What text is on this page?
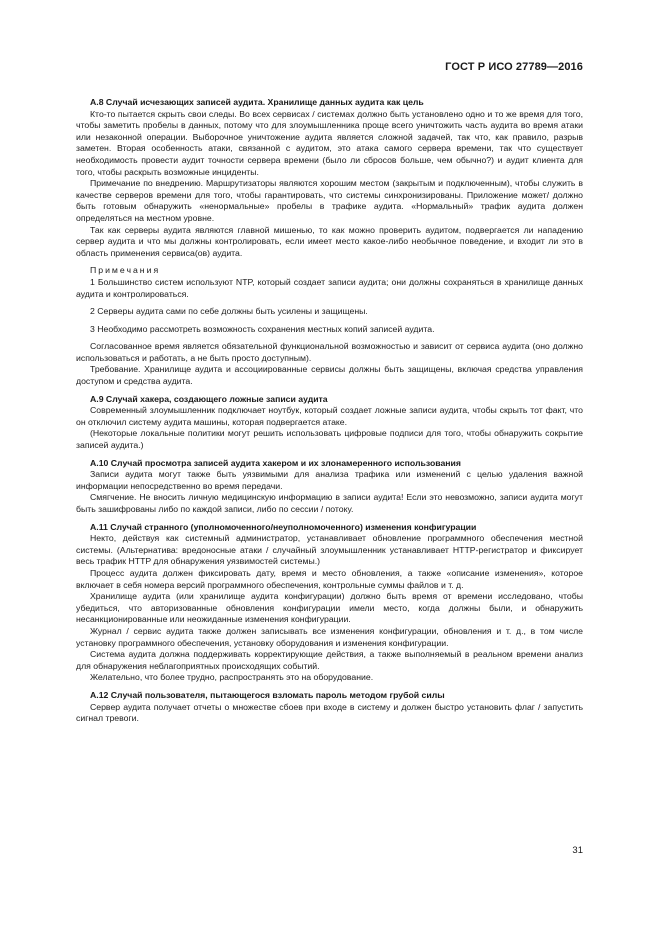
ГОСТ Р ИСО 27789—2016

А.8 Случай исчезающих записей аудита. Хранилище данных аудита как цель

Кто-то пытается скрыть свои следы. Во всех сервисах / системах должно быть установлено одно и то же время для того, чтобы заметить пробелы в данных, потому что для злоумышленника проще всего уничтожить часть аудита во время атаки или незаконной операции. Выборочное уничтожение аудита является сложной задачей, так что, как правило, разрыв заметен. Вторая особенность атаки, связанной с аудитом, это атака самого сервера времени, так что существует необходимость провести аудит точности сервера времени (было ли сбросов больше, чем обычно?) и аудит клиента для того, чтобы раскрыть возможные инциденты.

Примечание по внедрению. Маршрутизаторы являются хорошим местом (закрытым и подключенным), чтобы служить в качестве серверов времени для того, чтобы гарантировать, что системы синхронизированы. Приложение может/ должно быть готовым обнаружить «ненормальные» пробелы в трафике аудита. «Нормальный» трафик аудита должен определяться на местном уровне.

Так как серверы аудита являются главной мишенью, то как можно проверить аудитом, подвергается ли нападению сервер аудита и что мы должны контролировать, если имеет место какое-либо необычное поведение, и входит ли это в область применения сервиса(ов) аудита.

Примечания

1 Большинство систем используют NTP, который создает записи аудита; они должны сохраняться в хранилище данных аудита и контролироваться.

2 Серверы аудита сами по себе должны быть усилены и защищены.

3 Необходимо рассмотреть возможность сохранения местных копий записей аудита.

Согласованное время является обязательной функциональной возможностью и зависит от сервиса аудита (оно должно использоваться и работать, а не быть просто доступным).

Требование. Хранилище аудита и ассоциированные сервисы должны быть защищены, включая средства управления доступом и средства аудита.

А.9 Случай хакера, создающего ложные записи аудита

Современный злоумышленник подключает ноутбук, который создает ложные записи аудита, чтобы скрыть тот факт, что он отключил систему аудита машины, которая подвергается атаке.

(Некоторые локальные политики могут решить использовать цифровые подписи для того, чтобы обнаружить сокрытие записей аудита.)

А.10 Случай просмотра записей аудита хакером и их злонамеренного использования

Записи аудита могут также быть уязвимыми для анализа трафика или изменений с целью удаления важной информации непосредственно во время передачи.

Смягчение. Не вносить личную медицинскую информацию в записи аудита! Если это невозможно, записи аудита могут быть зашифрованы либо по каждой записи, либо по сессии / потоку.

А.11 Случай странного (уполномоченного/неуполномоченного) изменения конфигурации

Некто, действуя как системный администратор, устанавливает обновление программного обеспечения местной системы. (Альтернатива: вредоносные атаки / случайный злоумышленник устанавливает HTTP-регистратор и фиксирует весь трафик HTTP для обнаружения уязвимостей системы.)

Процесс аудита должен фиксировать дату, время и место обновления, а также «описание изменения», которое включает в себя номера версий программного обеспечения, контрольные суммы файлов и т. д.

Хранилище аудита (или хранилище аудита конфигурации) должно быть время от времени исследовано, чтобы убедиться, что авторизованные обновления конфигурации имели место, когда должны были, и обнаружить несанкционированные или неожиданные изменения конфигурации.

Журнал / сервис аудита также должен записывать все изменения конфигурации, обновления и т. д., в том числе установку программного обеспечения, установку оборудования и изменения конфигурации.

Система аудита должна поддерживать корректирующие действия, а также выполняемый в реальном времени анализ для обнаружения неблагоприятных происходящих событий.

Желательно, что более трудно, распространять это на оборудование.

А.12 Случай пользователя, пытающегося взломать пароль методом грубой силы

Сервер аудита получает отчеты о множестве сбоев при входе в систему и должен быстро установить флаг / запустить сигнал тревоги.

31
